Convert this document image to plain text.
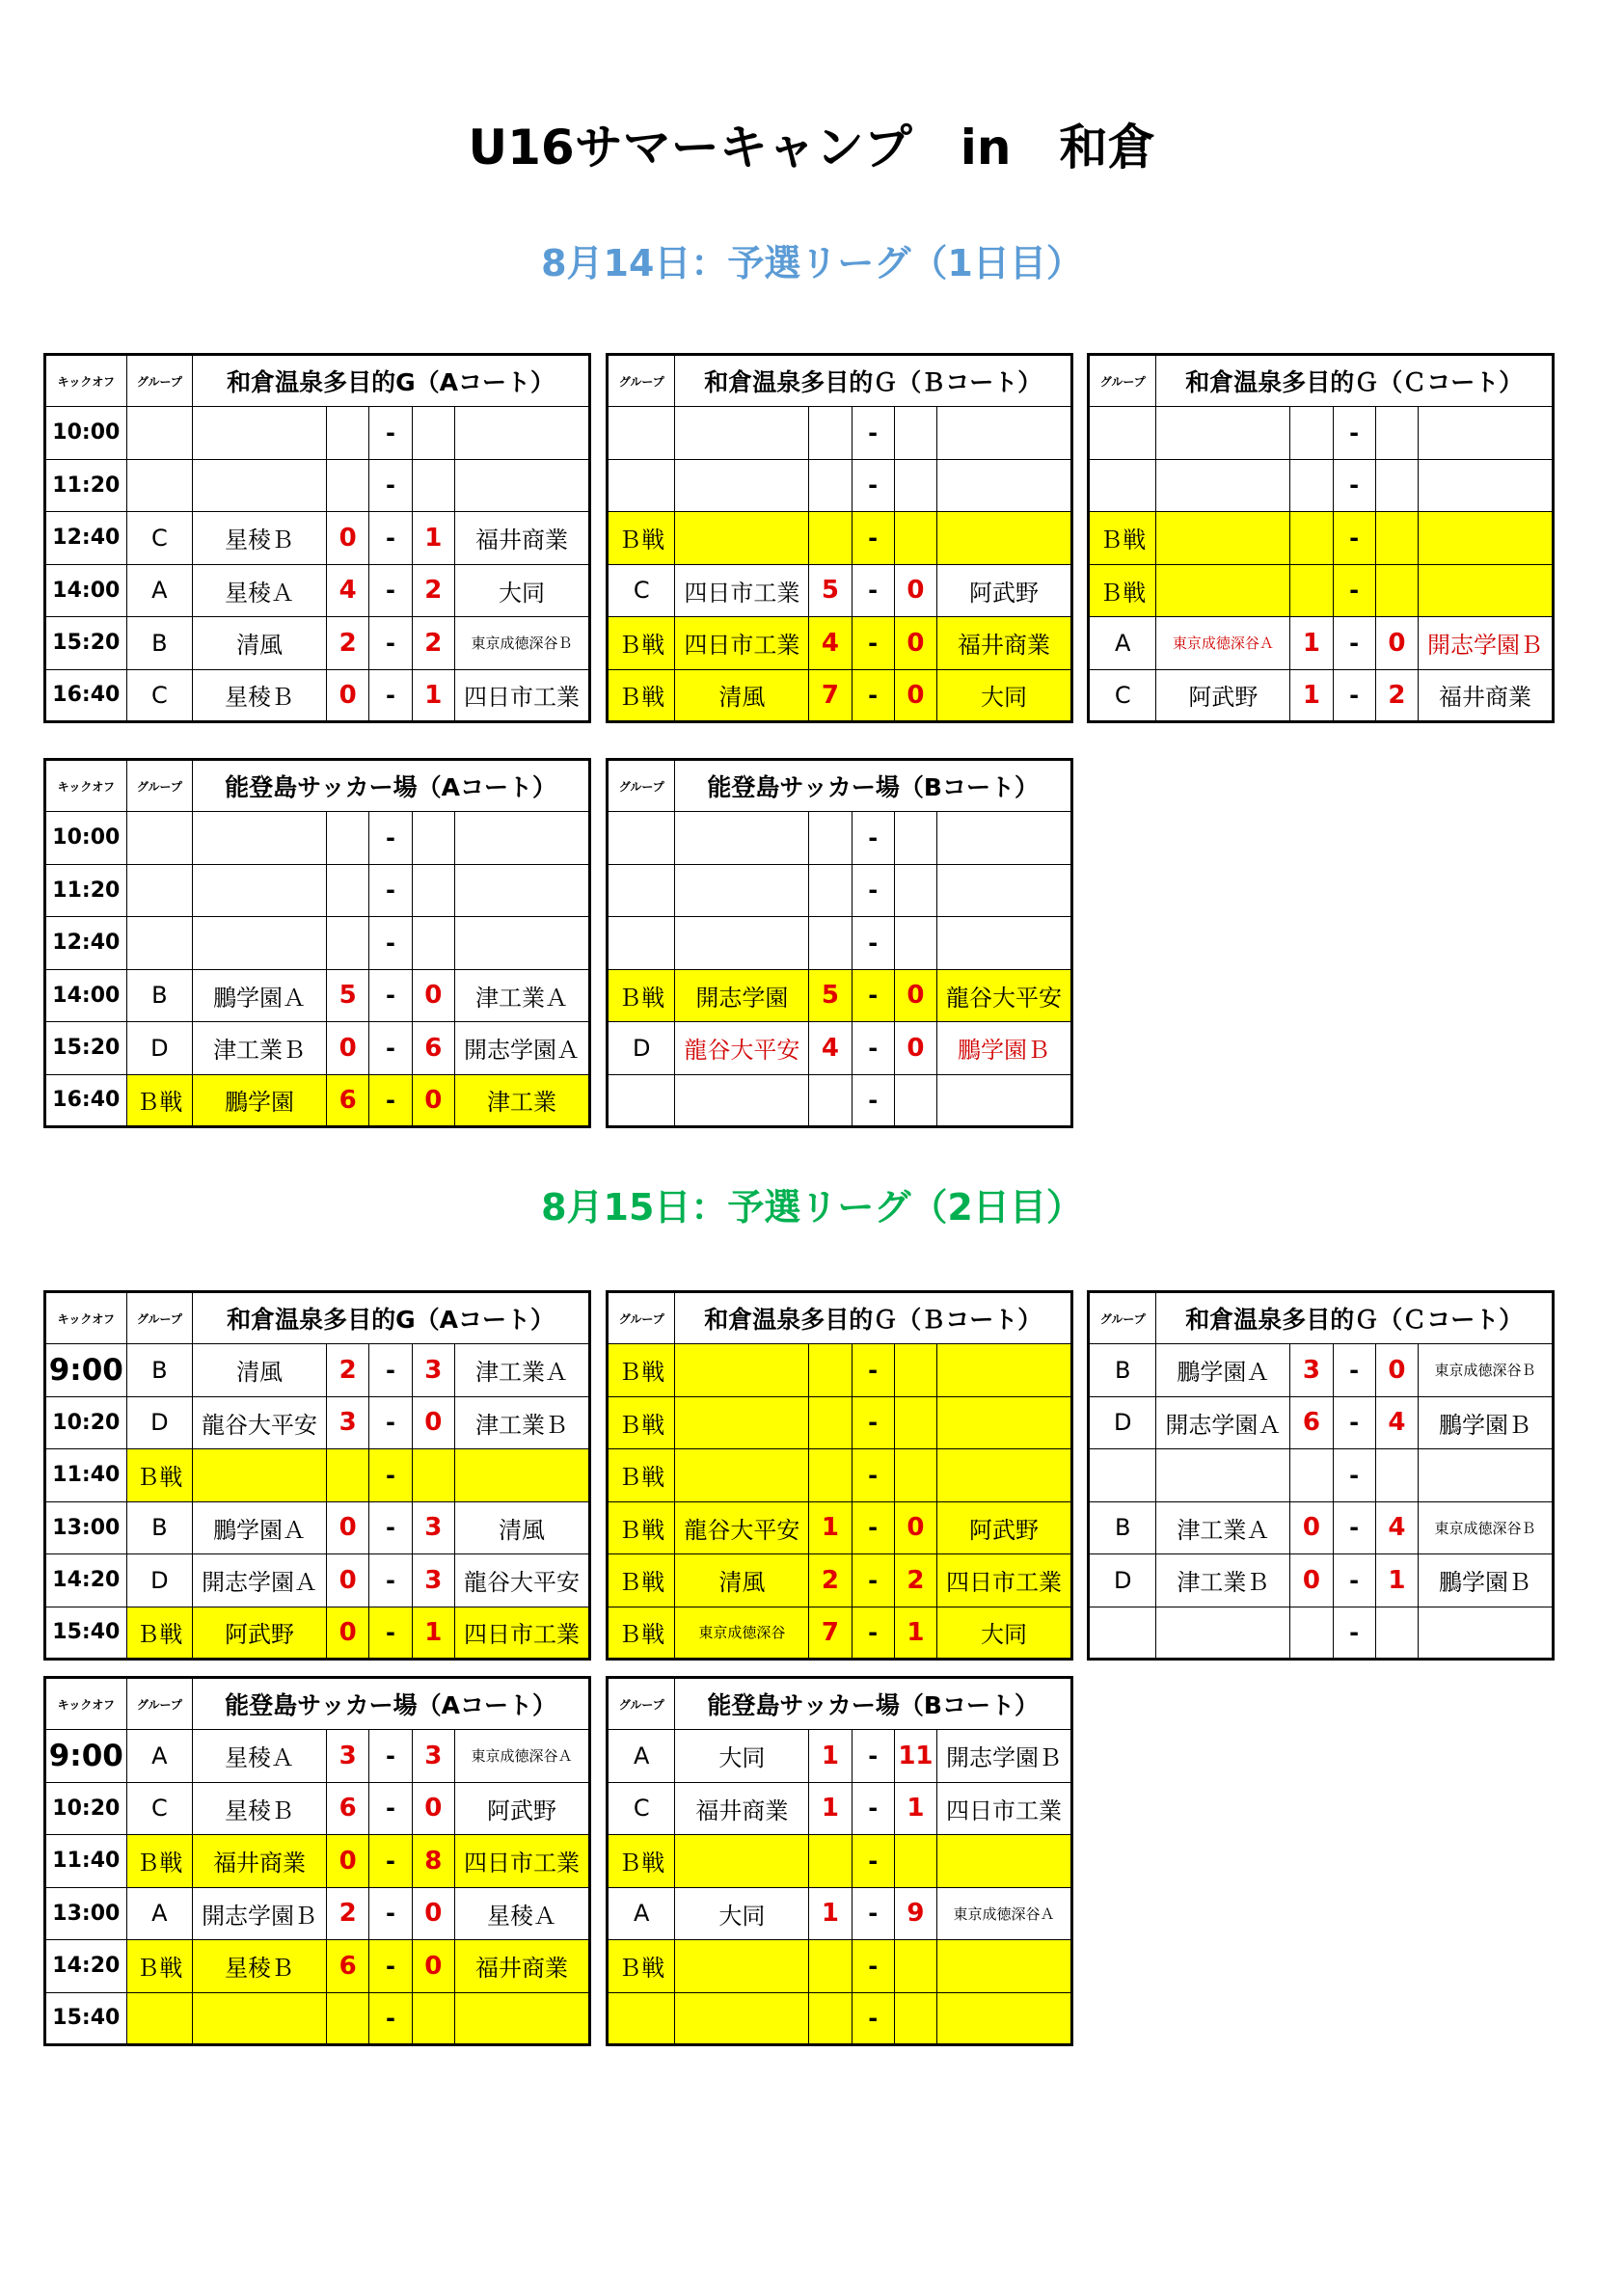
U16サマーキャンプ　in　和倉
8月14日：予選リーグ（1日目）
8月15日：予選リーグ（2日目）
キックオフ	グループ	和倉温泉多目的G（Aコート）				
10:00				-		
11:20				-		
12:40	C	星稜Ｂ	0	-	1	福井商業
14:00	A	星稜Ａ	4	-	2	大同
15:20	B	清風	2	-	2	東京成徳深谷Ｂ
16:40	C	星稜Ｂ	0	-	1	四日市工業
グループ	和倉温泉多目的Ｇ（Ｂコート）				
			-		
			-		
Ｂ戦			-		
C	四日市工業	5	-	0	阿武野
Ｂ戦	四日市工業	4	-	0	福井商業
Ｂ戦	清風	7	-	0	大同
グループ	和倉温泉多目的Ｇ（Ｃコート）				
			-		
			-		
Ｂ戦			-		
Ｂ戦			-		
A	東京成徳深谷Ａ	1	-	0	開志学園Ｂ
C	阿武野	1	-	2	福井商業
キックオフ	グループ	能登島サッカー場（Aコート）				
10:00				-		
11:20				-		
12:40				-		
14:00	B	鵬学園Ａ	5	-	0	津工業Ａ
15:20	D	津工業Ｂ	0	-	6	開志学園Ａ
16:40	Ｂ戦	鵬学園	6	-	0	津工業
グループ	能登島サッカー場（Bコート）				
			-		
			-		
			-		
Ｂ戦	開志学園	5	-	0	龍谷大平安
D	龍谷大平安	4	-	0	鵬学園Ｂ
			-		
キックオフ	グループ	和倉温泉多目的G（Aコート）				
9:00	B	清風	2	-	3	津工業Ａ
10:20	D	龍谷大平安	3	-	0	津工業Ｂ
11:40	Ｂ戦			-		
13:00	B	鵬学園Ａ	0	-	3	清風
14:20	D	開志学園Ａ	0	-	3	龍谷大平安
15:40	Ｂ戦	阿武野	0	-	1	四日市工業
グループ	和倉温泉多目的Ｇ（Ｂコート）				
Ｂ戦			-		
Ｂ戦			-		
Ｂ戦			-		
Ｂ戦	龍谷大平安	1	-	0	阿武野
Ｂ戦	清風	2	-	2	四日市工業
Ｂ戦	東京成徳深谷	7	-	1	大同
グループ	和倉温泉多目的Ｇ（Ｃコート）				
B	鵬学園Ａ	3	-	0	東京成徳深谷Ｂ
D	開志学園Ａ	6	-	4	鵬学園Ｂ
			-		
B	津工業Ａ	0	-	4	東京成徳深谷Ｂ
D	津工業Ｂ	0	-	1	鵬学園Ｂ
			-		
キックオフ	グループ	能登島サッカー場（Aコート）				
9:00	A	星稜Ａ	3	-	3	東京成徳深谷Ａ
10:20	C	星稜Ｂ	6	-	0	阿武野
11:40	Ｂ戦	福井商業	0	-	8	四日市工業
13:00	A	開志学園Ｂ	2	-	0	星稜Ａ
14:20	Ｂ戦	星稜Ｂ	6	-	0	福井商業
15:40				-		
グループ	能登島サッカー場（Bコート）				
A	大同	1	-	11	開志学園Ｂ
C	福井商業	1	-	1	四日市工業
Ｂ戦			-		
A	大同	1	-	9	東京成徳深谷Ａ
Ｂ戦			-		
			-		
